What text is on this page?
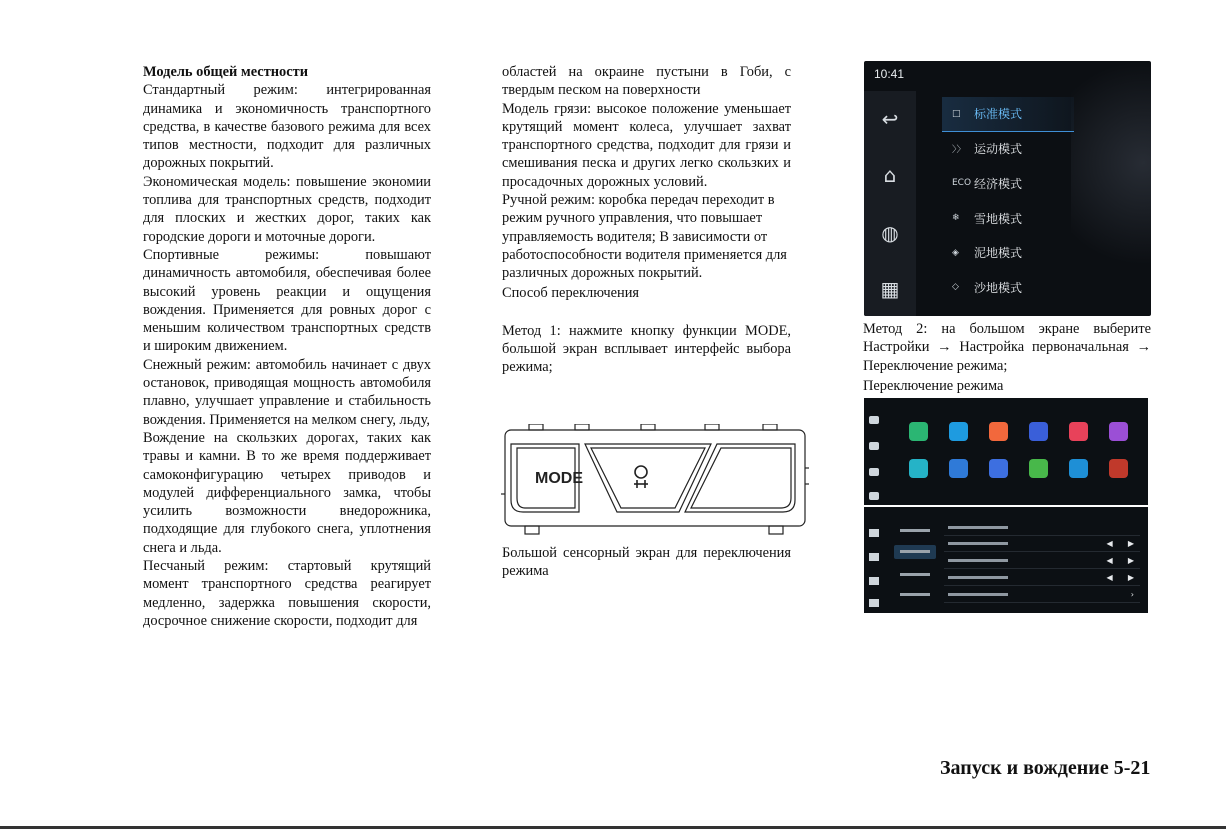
Модель общей местности

Стандартный режим: интегрированная динамика и экономичность транспортного средства, в качестве базового режима для всех типов местности, подходит для различных дорожных покрытий.

Экономическая модель: повышение экономии топлива для транспортных средств, подходит для плоских и жестких дорог, таких как городские дороги и моточные дороги.

Спортивные режимы: повышают динамичность автомобиля, обеспечивая более высокий уровень реакции и ощущения вождения. Применяется для ровных дорог с меньшим количеством транспортных средств и широким движением.

Снежный режим: автомобиль начинает с двух остановок, приводящая мощность автомобиля плавно, улучшает управление и стабильность вождения. Применяется на мелком снегу, льду,

Вождение на скользких дорогах, таких как травы и камни. В то же время поддерживает самоконфигурацию четырех приводов и модулей дифференциального замка, чтобы усилить возможности внедорожника, подходящие для глубокого снега, уплотнения снега и льда.

Песчаный режим: стартовый крутящий момент транспортного средства реагирует медленно, задержка повышения скорости, досрочное снижение скорости, подходит для

областей на окраине пустыни в Гоби, с твердым песком на поверхности

Модель грязи: высокое положение уменьшает крутящий момент колеса, улучшает захват транспортного средства, подходит для грязи и смешивания песка и других легко скользких и просадочных дорожных условий.

Ручной режим: коробка передач переходит в режим ручного управления, что повышает управляемость водителя; В зависимости от работоспособности водителя применяется для различных дорожных покрытий.

Способ переключения

Метод 1: нажмите кнопку функции MODE, большой экран всплывает интерфейс выбора режима;

MODE

Большой сенсорный экран для переключения режима

10:41
↩
⌂
◍
▦
□	标准模式
〉〉 运动模式
ECO 经济模式
❄	雪地模式
◈	泥地模式
◇	沙地模式

Метод 2: на большом экране выберите Настройки → Настройка первоначальная → Переключение режима;

Переключение режима

◀      ▶
◀      ▶
◀      ▶
›
Запуск и вождение 5-21
